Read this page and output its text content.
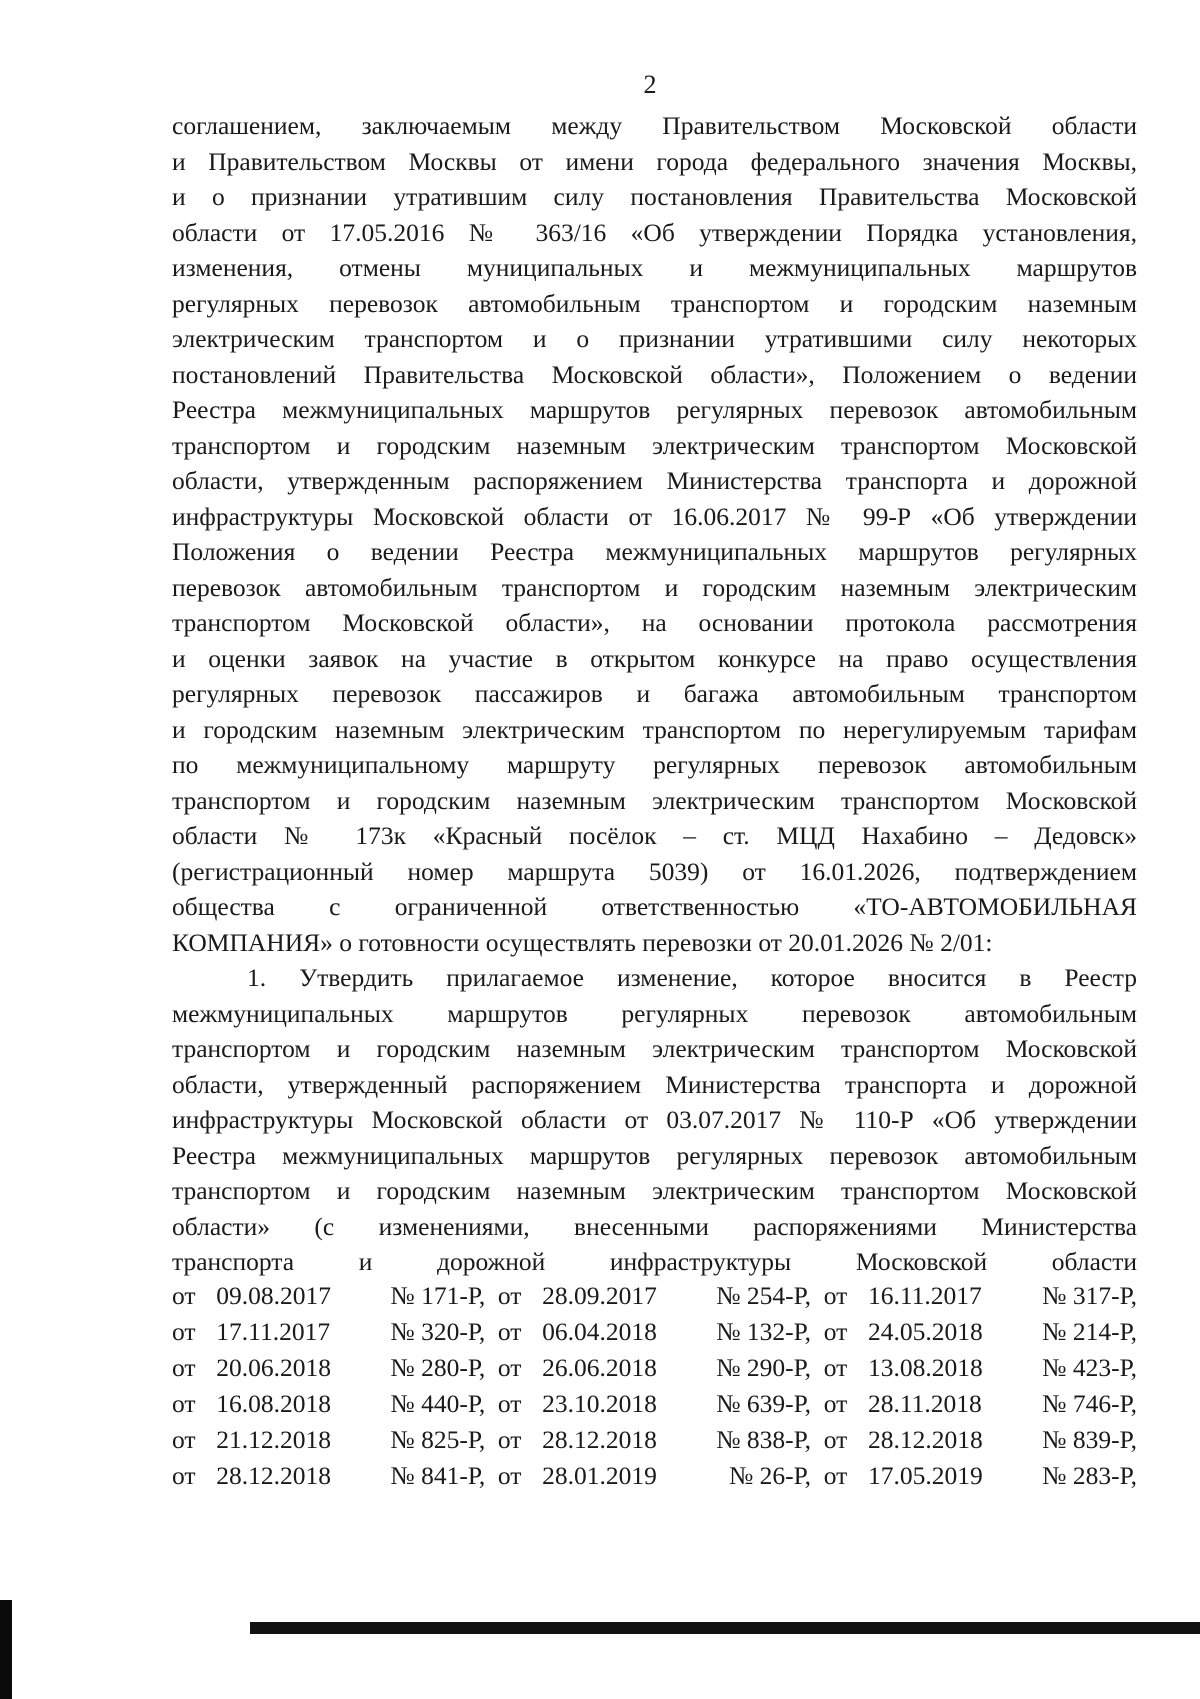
2
соглашением, заключаемым между Правительством Московской области
и Правительством Москвы от имени города федерального значения Москвы,
и о признании утратившим силу постановления Правительства Московской
области от 17.05.2016 № 363/16 «Об утверждении Порядка установления,
изменения, отмены муниципальных и межмуниципальных маршрутов
регулярных перевозок автомобильным транспортом и городским наземным
электрическим транспортом и о признании утратившими силу некоторых
постановлений Правительства Московской области», Положением о ведении
Реестра межмуниципальных маршрутов регулярных перевозок автомобильным
транспортом и городским наземным электрическим транспортом Московской
области, утвержденным распоряжением Министерства транспорта и дорожной
инфраструктуры Московской области от 16.06.2017 № 99-Р «Об утверждении
Положения о ведении Реестра межмуниципальных маршрутов регулярных
перевозок автомобильным транспортом и городским наземным электрическим
транспортом Московской области», на основании протокола рассмотрения
и оценки заявок на участие в открытом конкурсе на право осуществления
регулярных перевозок пассажиров и багажа автомобильным транспортом
и городским наземным электрическим транспортом по нерегулируемым тарифам
по межмуниципальному маршруту регулярных перевозок автомобильным
транспортом и городским наземным электрическим транспортом Московской
области № 173к «Красный посёлок – ст. МЦД Нахабино – Дедовск»
(регистрационный номер маршрута 5039) от 16.01.2026, подтверждением
общества с ограниченной ответственностью «ТО-АВТОМОБИЛЬНАЯ
КОМПАНИЯ» о готовности осуществлять перевозки от 20.01.2026 № 2/01:
1. Утвердить прилагаемое изменение, которое вносится в Реестр
межмуниципальных маршрутов регулярных перевозок автомобильным
транспортом и городским наземным электрическим транспортом Московской
области, утвержденный распоряжением Министерства транспорта и дорожной
инфраструктуры Московской области от 03.07.2017 № 110-Р «Об утверждении
Реестра межмуниципальных маршрутов регулярных перевозок автомобильным
транспортом и городским наземным электрическим транспортом Московской
области» (с изменениями, внесенными распоряжениями Министерства
транспорта и дорожной инфраструктуры Московской области
от	09.08.2017	№ 171-Р,		от	28.09.2017	№ 254-Р,		от	16.11.2017	№ 317-Р,
от	17.11.2017	№ 320-Р,		от	06.04.2018	№ 132-Р,		от	24.05.2018	№ 214-Р,
от	20.06.2018	№ 280-Р,		от	26.06.2018	№ 290-Р,		от	13.08.2018	№ 423-Р,
от	16.08.2018	№ 440-Р,		от	23.10.2018	№ 639-Р,		от	28.11.2018	№ 746-Р,
от	21.12.2018	№ 825-Р,		от	28.12.2018	№ 838-Р,		от	28.12.2018	№ 839-Р,
от	28.12.2018	№ 841-Р,		от	28.01.2019	№ 26-Р,		от	17.05.2019	№ 283-Р,
